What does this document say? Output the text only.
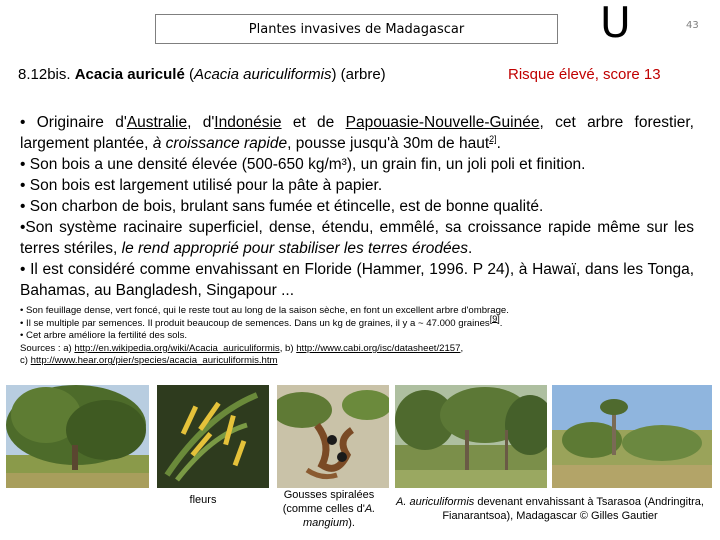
Plantes invasives de Madagascar	U	43
8.12bis. Acacia auriculé (Acacia auriculiformis) (arbre)	Risque élevé, score 13

• Originaire d'Australie, d'Indonésie et de Papouasie-Nouvelle-Guinée, cet arbre forestier, largement plantée, à croissance rapide, pousse jusqu'à 30m de haut$^{2]}$.

• Son bois a une densité élevée (500-650 kg/m³), un grain fin, un joli poli et finition.

• Son bois est largement utilisé pour la pâte à papier.

• Son charbon de bois, brulant sans fumée et étincelle, est de bonne qualité.

•Son système racinaire superficiel, dense, étendu, emmêlé, sa croissance rapide même sur les terres stériles, le rend approprié pour stabiliser les terres érodées.

• Il est considéré comme envahissant en Floride (Hammer, 1996. P 24), à Hawaï, dans les Tonga, Bahamas, au Bangladesh, Singapour ...

• Son feuillage dense, vert foncé, qui le reste tout au long de la saison sèche, en font un excellent arbre d'ombrage.

• Il se multiple par semences. Il produit beaucoup de semences. Dans un kg de graines, il y a ~ 47.000 graines[9].

• Cet arbre améliore la fertilité des sols.

Sources : a) http://en.wikipedia.org/wiki/Acacia_auriculiformis, b) http://www.cabi.org/isc/datasheet/2157,

c) http://www.hear.org/pier/species/acacia_auriculiformis.htm

fleurs	Gousses spiralées (comme celles d'A. mangium).
A. auriculiformis devenant envahissant à Tsarasoa (Andringitra, Fianarantsoa), Madagascar © Gilles Gautier
